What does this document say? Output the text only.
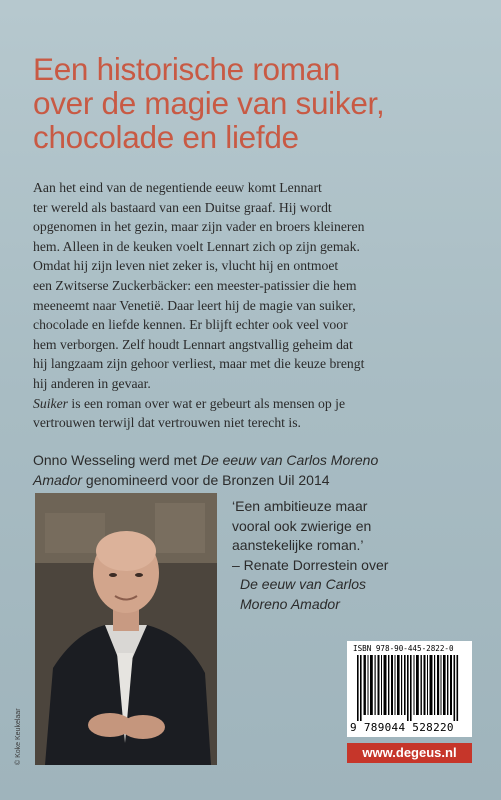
Een historische roman
over de magie van suiker,
chocolade en liefde
Aan het eind van de negentiende eeuw komt Lennart
ter wereld als bastaard van een Duitse graaf. Hij wordt
opgenomen in het gezin, maar zijn vader en broers kleineren
hem. Alleen in de keuken voelt Lennart zich op zijn gemak.
Omdat hij zijn leven niet zeker is, vlucht hij en ontmoet
een Zwitserse Zuckerbäcker: een meester-patissier die hem
meeneemt naar Venetië. Daar leert hij de magie van suiker,
chocolade en liefde kennen. Er blijft echter ook veel voor
hem verborgen. Zelf houdt Lennart angstvallig geheim dat
hij langzaam zijn gehoor verliest, maar met die keuze brengt
hij anderen in gevaar.
Suiker is een roman over wat er gebeurt als mensen op je
vertrouwen terwijl dat vertrouwen niet terecht is.
Onno Wesseling werd met De eeuw van Carlos Moreno
Amador genomineerd voor de Bronzen Uil 2014
© Koke Keukelaar
‘Een ambitieuze maar
vooral ook zwierige en
aanstekelijke roman.’
– Renate Dorrestein over
De eeuw van Carlos
Moreno Amador
ISBN 978-90-445-2822-0
9 789044 528220
www.degeus.nl
